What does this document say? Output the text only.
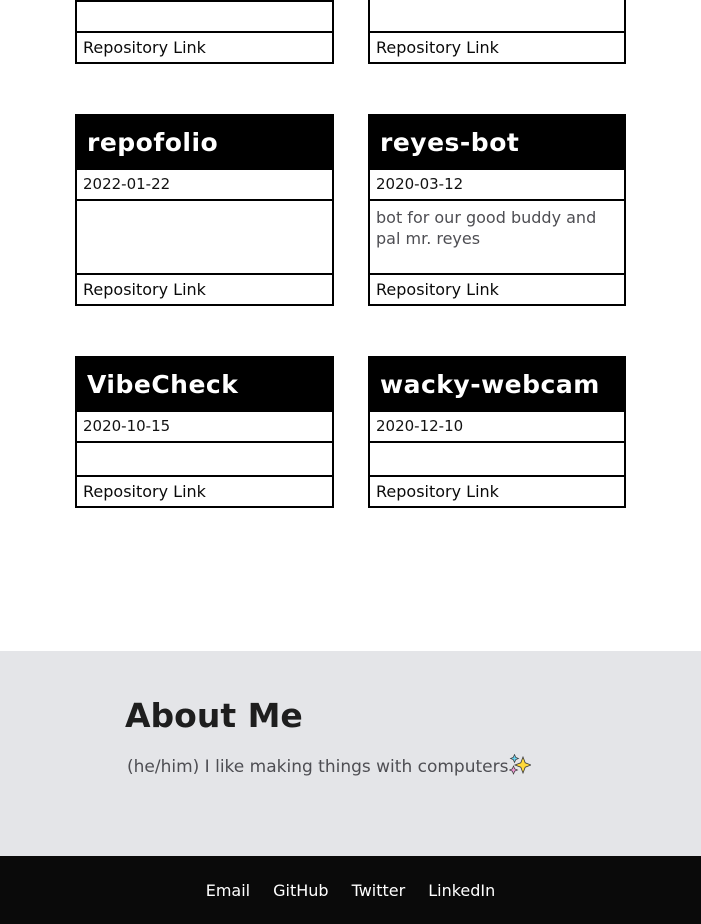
Repository Link	Repository Link
repofolio
2022-01-22
Repository Link
reyes-bot
2020-03-12
bot for our good buddy and pal mr. reyes
Repository Link
VibeCheck
2020-10-15
Repository Link
wacky-webcam
2020-12-10
Repository Link
About Me

(he/him) I like making things with computers

Email GitHub Twitter LinkedIn
